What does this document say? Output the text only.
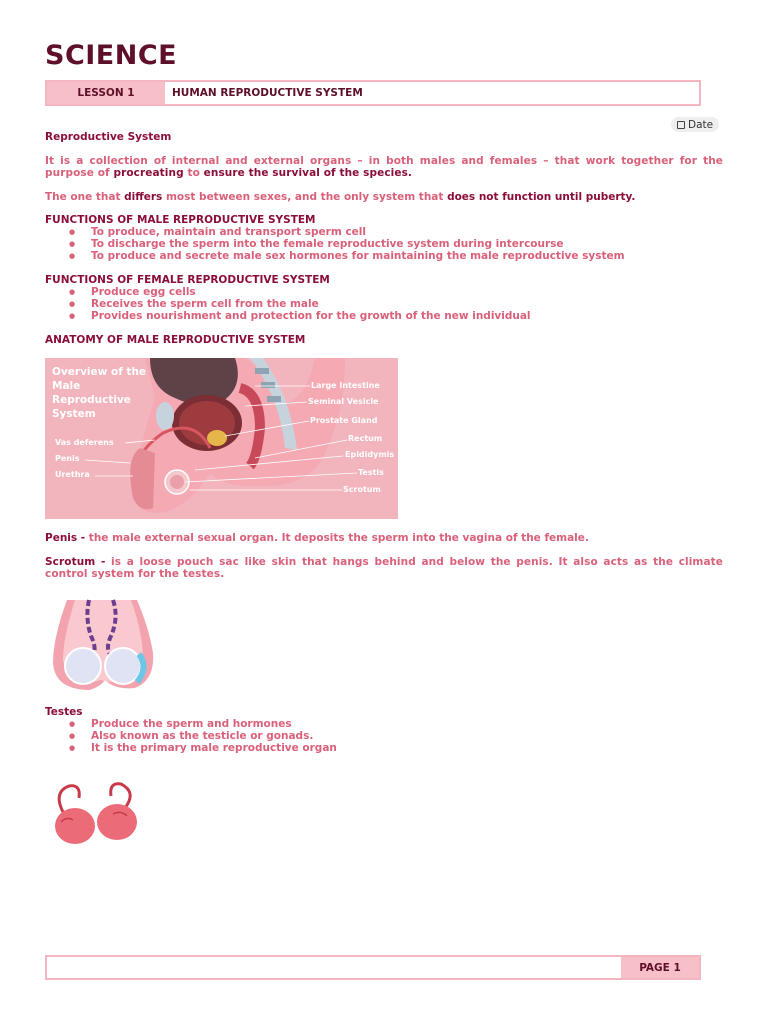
SCIENCE
LESSON 1	HUMAN REPRODUCTIVE SYSTEM
Date
Reproductive System
It is a collection of internal and external organs – in both males and females – that work together for the purpose of procreating to ensure the survival of the species.
The one that differs most between sexes, and the only system that does not function until puberty.
FUNCTIONS OF MALE REPRODUCTIVE SYSTEM
● To produce, maintain and transport sperm cell
● To discharge the sperm into the female reproductive system during intercourse
● To produce and secrete male sex hormones for maintaining the male reproductive system
FUNCTIONS OF FEMALE REPRODUCTIVE SYSTEM
● Produce egg cells
● Receives the sperm cell from the male
● Provides nourishment and protection for the growth of the new individual
ANATOMY OF MALE REPRODUCTIVE SYSTEM
Overview of the Male Reproductive System
Vas deferens
Penis
Urethra
Large Intestine
Seminal Vesicle
Prostate Gland
Rectum
Epididymis
Testis
Scrotum
Penis - the male external sexual organ. It deposits the sperm into the vagina of the female.
Scrotum - is a loose pouch sac like skin that hangs behind and below the penis. It also acts as the climate control system for the testes.
Testes
● Produce the sperm and hormones
● Also known as the testicle or gonads.
● It is the primary male reproductive organ
PAGE 1
